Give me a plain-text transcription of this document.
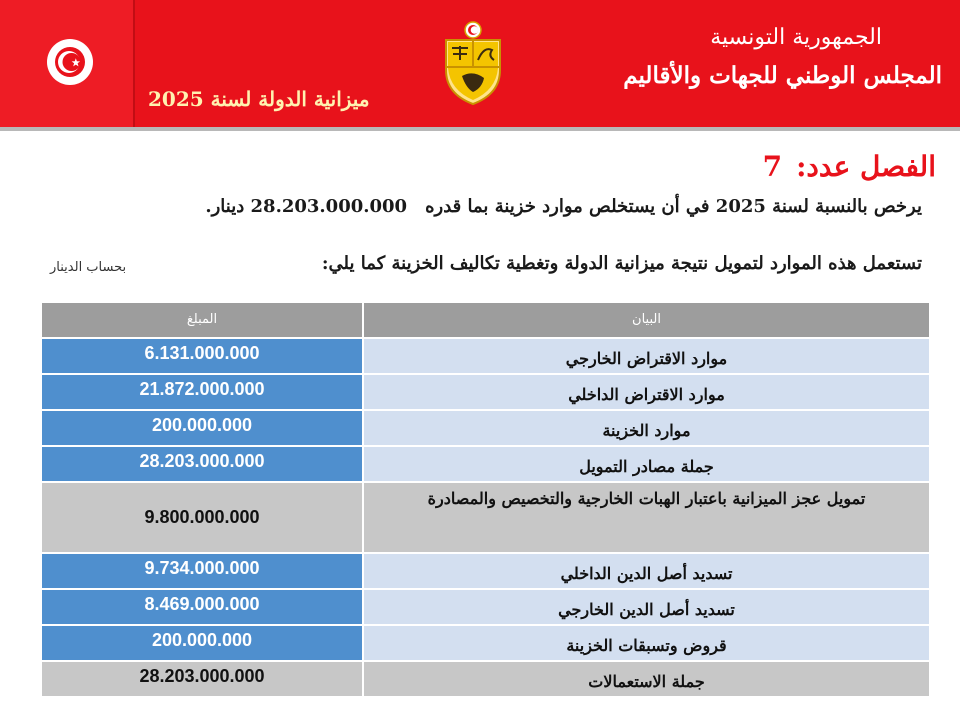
الجمهورية التونسية
المجلس الوطني للجهات والأقاليم
ميزانية الدولة لسنة 2025
الفصل عدد:7
يرخص بالنسبة لسنة 2025 في أن يستخلص موارد خزينة بما قدره28.203.000.000 دينار.
تستعمل هذه الموارد لتمويل نتيجة ميزانية الدولة وتغطية تكاليف الخزينة كما يلي:
بحساب الدينار
المبلغ	البيان
6.131.000.000	موارد الاقتراض الخارجي
21.872.000.000	موارد الاقتراض الداخلي
200.000.000	موارد الخزينة
28.203.000.000	جملة مصادر التمويل
9.800.000.000	تمويل عجز الميزانية باعتبار الهبات الخارجية والتخصيص والمصادرة
9.734.000.000	تسديد أصل الدين الداخلي
8.469.000.000	تسديد أصل الدين الخارجي
200.000.000	قروض وتسبقات الخزينة
28.203.000.000	جملة الاستعمالات
